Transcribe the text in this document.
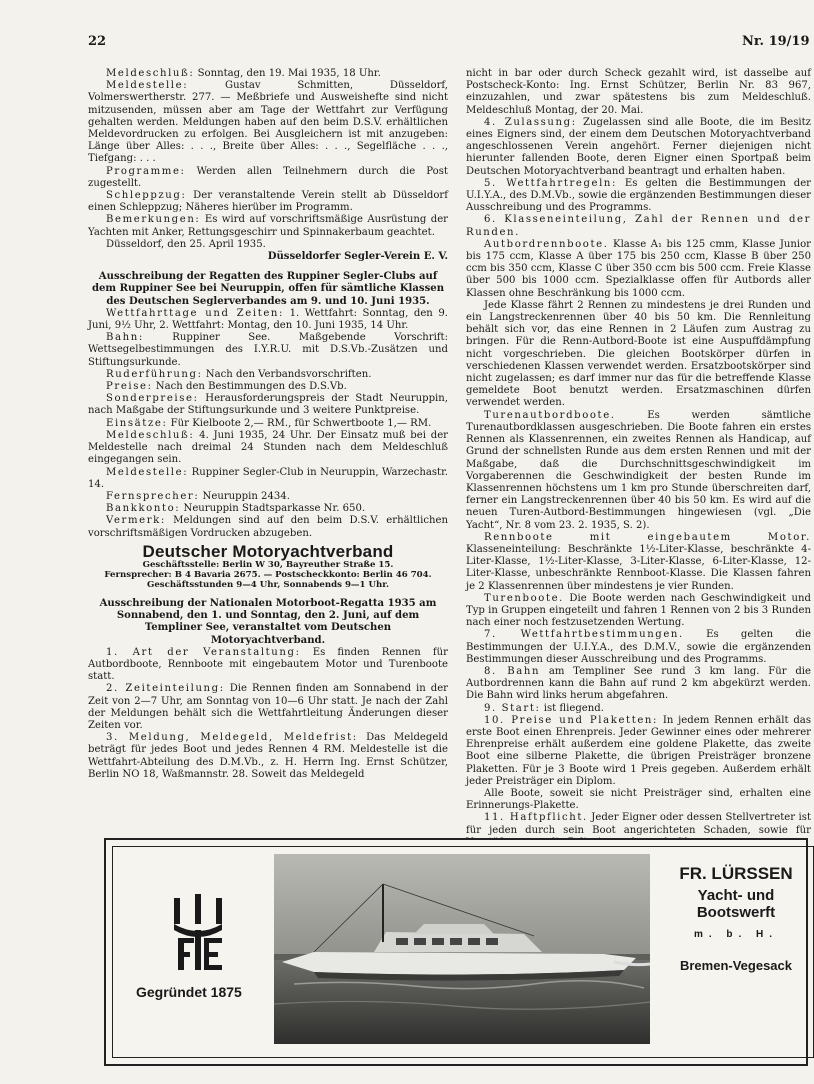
22	Nr. 19/19

Meldeschluß: Sonntag, den 19. Mai 1935, 18 Uhr.

Meldestelle: Gustav Schmitten, Düsseldorf, Volmerswertherstr. 277. — Meßbriefe und Ausweishefte sind nicht mitzusenden, müssen aber am Tage der Wettfahrt zur Verfügung gehalten werden. Meldungen haben auf den beim D.S.V. erhältlichen Meldevordrucken zu erfolgen. Bei Ausgleichern ist mit anzugeben: Länge über Alles: . . ., Breite über Alles: . . ., Segelfläche . . ., Tiefgang: . . .

Programme: Werden allen Teilnehmern durch die Post zugestellt.

Schleppzug: Der veranstaltende Verein stellt ab Düsseldorf einen Schleppzug; Näheres hierüber im Programm.

Bemerkungen: Es wird auf vorschriftsmäßige Ausrüstung der Yachten mit Anker, Rettungsgeschirr und Spinnakerbaum geachtet.

Düsseldorf, den 25. April 1935.

Düsseldorfer Segler-Verein E. V.

Ausschreibung der Regatten des Ruppiner Segler-Clubs auf dem Ruppiner See bei Neuruppin, offen für sämtliche Klassen des Deutschen Seglerverbandes am 9. und 10. Juni 1935.

Wettfahrttage und Zeiten: 1. Wettfahrt: Sonntag, den 9. Juni, 9½ Uhr, 2. Wettfahrt: Montag, den 10. Juni 1935, 14 Uhr.

Bahn: Ruppiner See. Maßgebende Vorschrift: Wettsegelbestimmungen des I.Y.R.U. mit D.S.Vb.-Zusätzen und Stiftungsurkunde.

Ruderführung: Nach den Verbandsvorschriften.

Preise: Nach den Bestimmungen des D.S.Vb.

Sonderpreise: Herausforderungspreis der Stadt Neuruppin, nach Maßgabe der Stiftungsurkunde und 3 weitere Punktpreise.

Einsätze: Für Kielboote 2,— RM., für Schwertboote 1,— RM.

Meldeschluß: 4. Juni 1935, 24 Uhr. Der Einsatz muß bei der Meldestelle nach dreimal 24 Stunden nach dem Meldeschluß eingegangen sein.

Meldestelle: Ruppiner Segler-Club in Neuruppin, Warzechastr. 14.

Fernsprecher: Neuruppin 2434.

Bankkonto: Neuruppin Stadtsparkasse Nr. 650.

Vermerk: Meldungen sind auf den beim D.S.V. erhältlichen vorschriftsmäßigen Vordrucken abzugeben.

Deutscher Motoryachtverband
Geschäftsstelle: Berlin W 30, Bayreuther Straße 15.
Fernsprecher: B 4 Bavaria 2675. — Postscheckkonto: Berlin 46 704.
Geschäftsstunden 9—4 Uhr, Sonnabends 9—1 Uhr.

Ausschreibung der Nationalen Motorboot-Regatta 1935 am Sonnabend, den 1. und Sonntag, den 2. Juni, auf dem Templiner See, veranstaltet vom Deutschen Motoryachtverband.

1. Art der Veranstaltung: Es finden Rennen für Autbordboote, Rennboote mit eingebautem Motor und Turenboote statt.

2. Zeiteinteilung: Die Rennen finden am Sonnabend in der Zeit von 2—7 Uhr, am Sonntag von 10—6 Uhr statt. Je nach der Zahl der Meldungen behält sich die Wettfahrtleitung Änderungen dieser Zeiten vor.

3. Meldung, Meldegeld, Meldefrist: Das Meldegeld beträgt für jedes Boot und jedes Rennen 4 RM. Meldestelle ist die Wettfahrt-Abteilung des D.M.Vb., z. H. Herrn Ing. Ernst Schützer, Berlin NO 18, Waßmannstr. 28. Soweit das Meldegeld

nicht in bar oder durch Scheck gezahlt wird, ist dasselbe auf Postscheck-Konto: Ing. Ernst Schützer, Berlin Nr. 83 967, einzuzahlen, und zwar spätestens bis zum Meldeschluß. Meldeschluß Montag, der 20. Mai.

4. Zulassung: Zugelassen sind alle Boote, die im Besitz eines Eigners sind, der einem dem Deutschen Motoryachtverband angeschlossenen Verein angehört. Ferner diejenigen nicht hierunter fallenden Boote, deren Eigner einen Sportpaß beim Deutschen Motoryachtverband beantragt und erhalten haben.

5. Wettfahrtregeln: Es gelten die Bestimmungen der U.I.Y.A., des D.M.Vb., sowie die ergänzenden Bestimmungen dieser Ausschreibung und des Programms.

6. Klasseneinteilung, Zahl der Rennen und der Runden.

Autbordrennboote. Klasse A₁ bis 125 cmm, Klasse Junior bis 175 ccm, Klasse A über 175 bis 250 ccm, Klasse B über 250 ccm bis 350 ccm, Klasse C über 350 ccm bis 500 ccm. Freie Klasse über 500 bis 1000 ccm. Spezialklasse offen für Autbords aller Klassen ohne Beschränkung bis 1000 ccm.

Jede Klasse fährt 2 Rennen zu mindestens je drei Runden und ein Langstreckenrennen über 40 bis 50 km. Die Rennleitung behält sich vor, das eine Rennen in 2 Läufen zum Austrag zu bringen. Für die Renn-Autbord-Boote ist eine Auspuffdämpfung nicht vorgeschrieben. Die gleichen Bootskörper dürfen in verschiedenen Klassen verwendet werden. Ersatzbootskörper sind nicht zugelassen; es darf immer nur das für die betreffende Klasse gemeldete Boot benutzt werden. Ersatzmaschinen dürfen verwendet werden.

Turenautbordboote. Es werden sämtliche Turenautbordklassen ausgeschrieben. Die Boote fahren ein erstes Rennen als Klassenrennen, ein zweites Rennen als Handicap, auf Grund der schnellsten Runde aus dem ersten Rennen und mit der Maßgabe, daß die Durchschnittsgeschwindigkeit im Vorgaberennen die Geschwindigkeit der besten Runde im Klassenrennen höchstens um 1 km pro Stunde überschreiten darf, ferner ein Langstreckenrennen über 40 bis 50 km. Es wird auf die neuen Turen-Autbord-Bestimmungen hingewiesen (vgl. „Die Yacht“, Nr. 8 vom 23. 2. 1935, S. 2).

Rennboote mit eingebautem Motor. Klasseneinteilung: Beschränkte 1½-Liter-Klasse, beschränkte 4-Liter-Klasse, 1½-Liter-Klasse, 3-Liter-Klasse, 6-Liter-Klasse, 12-Liter-Klasse, unbeschränkte Rennboot-Klasse. Die Klassen fahren je 2 Klassenrennen über mindestens je vier Runden.

Turenboote. Die Boote werden nach Geschwindigkeit und Typ in Gruppen eingeteilt und fahren 1 Rennen von 2 bis 3 Runden nach einer noch festzusetzenden Wertung.

7. Wettfahrtbestimmungen. Es gelten die Bestimmungen der U.I.Y.A., des D.M.V., sowie die ergänzenden Bestimmungen dieser Ausschreibung und des Programms.

8. Bahn am Templiner See rund 3 km lang. Für die Autbordrennen kann die Bahn auf rund 2 km abgekürzt werden. Die Bahn wird links herum abgefahren.

9. Start: ist fliegend.

10. Preise und Plaketten: In jedem Rennen erhält das erste Boot einen Ehrenpreis. Jeder Gewinner eines oder mehrerer Ehrenpreise erhält außerdem eine goldene Plakette, das zweite Boot eine silberne Plakette, die übrigen Preisträger bronzene Plaketten. Für je 3 Boote wird 1 Preis gegeben. Außerdem erhält jeder Preisträger ein Diplom.

Alle Boote, soweit sie nicht Preisträger sind, erhalten eine Erinnerungs-Plakette.

11. Haftpflicht. Jeder Eigner oder dessen Stellvertreter ist für jeden durch sein Boot angerichteten Schaden, sowie für

Gegründet 1875
FR. LÜRSSEN
Yacht- und
Bootswerft
m. b. H.
Bremen-Vegesack
